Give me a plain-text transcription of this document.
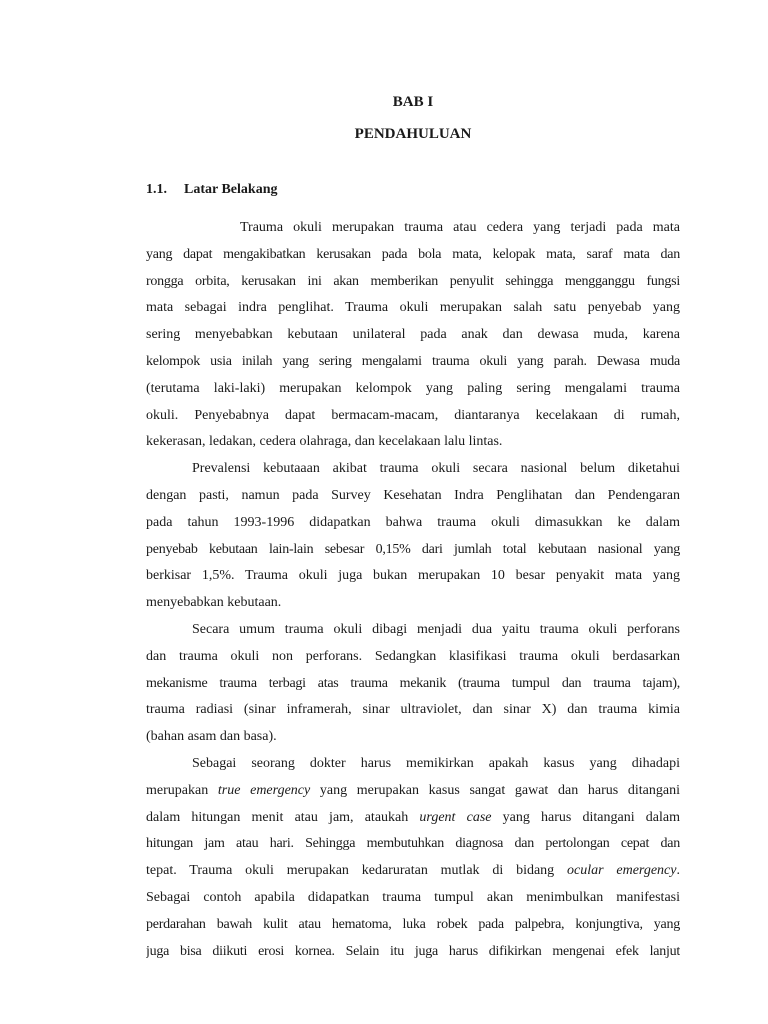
BAB I
PENDAHULUAN
1.1. Latar Belakang
Trauma okuli merupakan trauma atau cedera yang terjadi pada mata
yang dapat mengakibatkan kerusakan pada bola mata, kelopak mata, saraf mata dan
rongga orbita, kerusakan ini akan memberikan penyulit sehingga mengganggu fungsi
mata sebagai indra penglihat. Trauma okuli merupakan salah satu penyebab yang
sering menyebabkan kebutaan unilateral pada anak dan dewasa muda, karena
kelompok usia inilah yang sering mengalami trauma okuli yang parah. Dewasa muda
(terutama laki-laki) merupakan kelompok yang paling sering mengalami trauma
okuli. Penyebabnya dapat bermacam-macam, diantaranya kecelakaan di rumah,
kekerasan, ledakan, cedera olahraga, dan kecelakaan lalu lintas.
Prevalensi kebutaaan akibat trauma okuli secara nasional belum diketahui
dengan pasti, namun pada Survey Kesehatan Indra Penglihatan dan Pendengaran
pada tahun 1993-1996 didapatkan bahwa trauma okuli dimasukkan ke dalam
penyebab kebutaan lain-lain sebesar 0,15% dari jumlah total kebutaan nasional yang
berkisar 1,5%. Trauma okuli juga bukan merupakan 10 besar penyakit mata yang
menyebabkan kebutaan.
Secara umum trauma okuli dibagi menjadi dua yaitu trauma okuli perforans
dan trauma okuli non perforans. Sedangkan klasifikasi trauma okuli berdasarkan
mekanisme trauma terbagi atas trauma mekanik (trauma tumpul dan trauma tajam),
trauma radiasi (sinar inframerah, sinar ultraviolet, dan sinar X) dan trauma kimia
(bahan asam dan basa).
Sebagai seorang dokter harus memikirkan apakah kasus yang dihadapi
merupakan true emergency yang merupakan kasus sangat gawat dan harus ditangani
dalam hitungan menit atau jam, ataukah urgent case yang harus ditangani dalam
hitungan jam atau hari. Sehingga membutuhkan diagnosa dan pertolongan cepat dan
tepat. Trauma okuli merupakan kedaruratan mutlak di bidang ocular emergency.
Sebagai contoh apabila didapatkan trauma tumpul akan menimbulkan manifestasi
perdarahan bawah kulit atau hematoma, luka robek pada palpebra, konjungtiva, yang
juga bisa diikuti erosi kornea. Selain itu juga harus difikirkan mengenai efek lanjut
